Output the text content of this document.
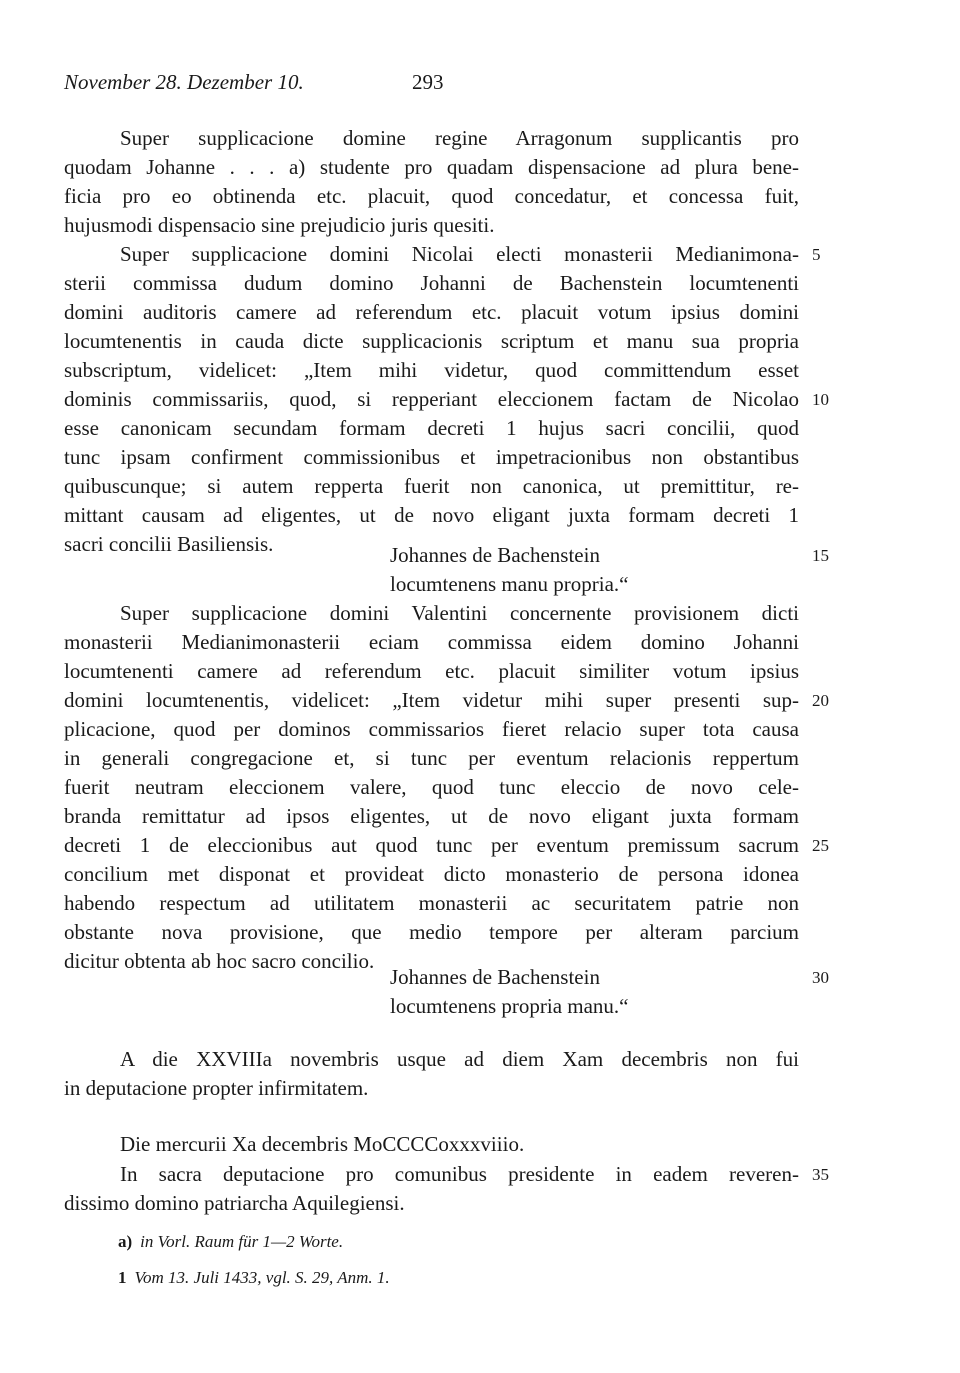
November 28. Dezember 10.	293
Super supplicacione domine regine Arragonum supplicantis pro
quodam Johanne . . . a) studente pro quadam dispensacione ad plura bene-
ficia pro eo obtinenda etc. placuit, quod concedatur, et concessa fuit,
hujusmodi dispensacio sine prejudicio juris quesiti.
Super supplicacione domini Nicolai electi monasterii Medianimona-
sterii commissa dudum domino Johanni de Bachenstein locumtenenti
domini auditoris camere ad referendum etc. placuit votum ipsius domini
locumtenentis in cauda dicte supplicacionis scriptum et manu sua propria
subscriptum, videlicet: „Item mihi videtur, quod committendum esset
dominis commissariis, quod, si repperiant eleccionem factam de Nicolao
esse canonicam secundam formam decreti 1 hujus sacri concilii, quod
tunc ipsam confirment commissionibus et impetracionibus non obstantibus
quibuscunque; si autem repperta fuerit non canonica, ut premittitur, re-
mittant causam ad eligentes, ut de novo eligant juxta formam decreti 1
sacri concilii Basiliensis.	Johannes de Bachenstein
locumtenens manu propria.“
Super supplicacione domini Valentini concernente provisionem dicti
monasterii Medianimonasterii eciam commissa eidem domino Johanni
locumtenenti camere ad referendum etc. placuit similiter votum ipsius
domini locumtenentis, videlicet: „Item videtur mihi super presenti sup-
plicacione, quod per dominos commissarios fieret relacio super tota causa
in generali congregacione et, si tunc per eventum relacionis reppertum
fuerit neutram eleccionem valere, quod tunc eleccio de novo cele-
branda remittatur ad ipsos eligentes, ut de novo eligant juxta formam
decreti 1 de eleccionibus aut quod tunc per eventum premissum sacrum
concilium met disponat et provideat dicto monasterio de persona idonea
habendo respectum ad utilitatem monasterii ac securitatem patrie non
obstante nova provisione, que medio tempore per alteram parcium
dicitur obtenta ab hoc sacro concilio.
Johannes de Bachenstein
locumtenens propria manu.“
A die XXVIIIa novembris usque ad diem Xam decembris non fui
in deputacione propter infirmitatem.
Die mercurii Xa decembris MoCCCCoxxxviiio.
In sacra deputacione pro comunibus presidente in eadem reveren-
dissimo domino patriarcha Aquilegiensi.
5
10
15
20
25
30
35
a) in Vorl. Raum für 1—2 Worte.
1 Vom 13. Juli 1433, vgl. S. 29, Anm. 1.
